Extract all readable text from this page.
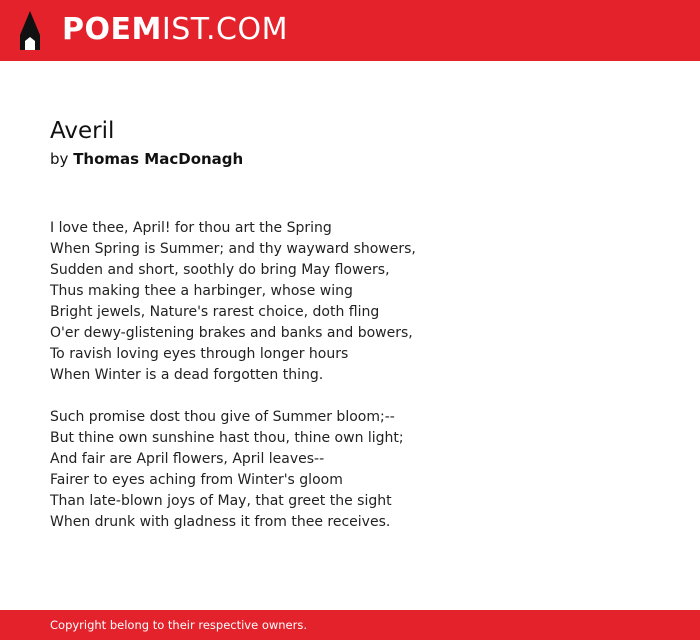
POEMIST.COM
Averil
by Thomas MacDonagh
I love thee, April! for thou art the Spring
When Spring is Summer; and thy wayward showers,
Sudden and short, soothly do bring May flowers,
Thus making thee a harbinger, whose wing
Bright jewels, Nature's rarest choice, doth fling
O'er dewy-glistening brakes and banks and bowers,
To ravish loving eyes through longer hours
When Winter is a dead forgotten thing.
Such promise dost thou give of Summer bloom;--
But thine own sunshine hast thou, thine own light;
And fair are April flowers, April leaves--
Fairer to eyes aching from Winter's gloom
Than late-blown joys of May, that greet the sight
When drunk with gladness it from thee receives.
Copyright belong to their respective owners.
